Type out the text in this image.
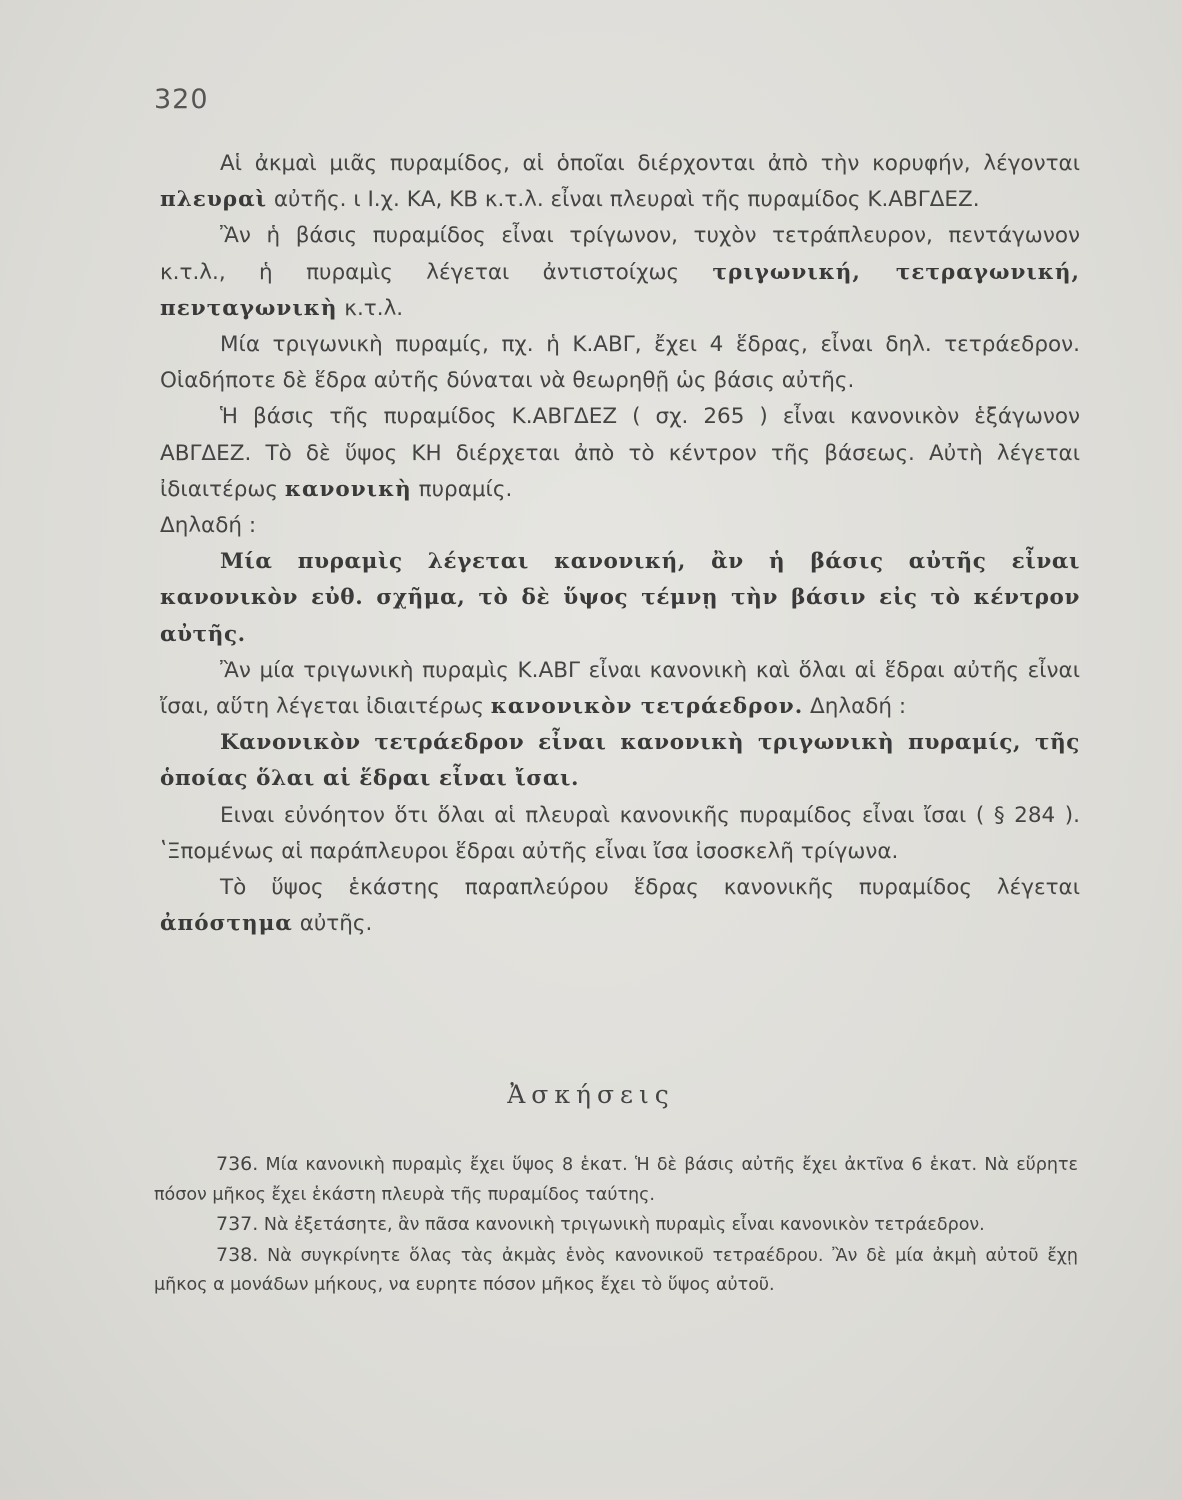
320

Αἱ ἀκμαὶ μιᾶς πυραμίδος, αἱ ὁποῖαι διέρχονται ἀπὸ τὴν κορυφήν, λέγονται πλευραὶ αὐτῆς. ι Ι.χ. ΚΑ, ΚΒ κ.τ.λ. εἶναι πλευραὶ τῆς πυραμίδος Κ.ΑΒΓΔΕΖ.

Ἂν ἡ βάσις πυραμίδος εἶναι τρίγωνον, τυχὸν τετράπλευρον, πεντάγωνον κ.τ.λ., ἡ πυραμὶς λέγεται ἀντιστοίχως τριγωνική, τετραγωνική, πενταγωνικὴ κ.τ.λ.

Μία τριγωνικὴ πυραμίς, πχ. ἡ Κ.ΑΒΓ, ἔχει 4 ἕδρας, εἶναι δηλ. τετράεδρον. Οἱαδήποτε δὲ ἕδρα αὐτῆς δύναται νὰ θεωρηθῇ ὡς βάσις αὐτῆς.

Ἡ βάσις τῆς πυραμίδος Κ.ΑΒΓΔΕΖ ( σχ. 265 ) εἶναι κανονικὸν ἑξάγωνον ΑΒΓΔΕΖ. Τὸ δὲ ὕψος ΚΗ διέρχεται ἀπὸ τὸ κέντρον τῆς βάσεως. Αὐτὴ λέγεται ἰδιαιτέρως κανονικὴ πυραμίς.

Δηλαδή :

Μία πυραμὶς λέγεται κανονική, ἂν ἡ βάσις αὐτῆς εἶναι κανονικὸν εὐθ. σχῆμα, τὸ δὲ ὕψος τέμνῃ τὴν βάσιν εἰς τὸ κέντρον αὐτῆς.

Ἂν μία τριγωνικὴ πυραμὶς Κ.ΑΒΓ εἶναι κανονικὴ καὶ ὅλαι αἱ ἕδραι αὐτῆς εἶναι ἴσαι, αὕτη λέγεται ἰδιαιτέρως κανονικὸν τετράεδρον. Δηλαδή :

Κανονικὸν τετράεδρον εἶναι κανονικὴ τριγωνικὴ πυραμίς, τῆς ὁποίας ὅλαι αἱ ἕδραι εἶναι ἴσαι.

Ειναι εὐνόητον ὅτι ὅλαι αἱ πλευραὶ κανονικῆς πυραμίδος εἶναι ἴσαι ( § 284 ). ʽΞπομένως αἱ παράπλευροι ἕδραι αὐτῆς εἶναι ἴσα ἰσοσκελῆ τρίγωνα.

Τὸ ὕψος ἑκάστης παραπλεύρου ἕδρας κανονικῆς πυραμίδος λέγεται ἀπόστημα αὐτῆς.

Ἀσκήσεις

736. Μία κανονικὴ πυραμὶς ἔχει ὕψος 8 ἑκατ. Ἡ δὲ βάσις αὐτῆς ἔχει ἀκτῖνα 6 ἑκατ. Νὰ εὕρητε πόσον μῆκος ἔχει ἑκάστη πλευρὰ τῆς πυραμίδος ταύτης.

737. Νὰ ἐξετάσητε, ἂν πᾶσα κανονικὴ τριγωνικὴ πυραμὶς εἶναι κανονικὸν τετράεδρον.

738. Νὰ συγκρίνητε ὅλας τὰς ἀκμὰς ἑνὸς κανονικοῦ τετραέδρου. Ἂν δὲ μία ἀκμὴ αὐτοῦ ἔχῃ μῆκος α μονάδων μήκους, να ευρητε πόσον μῆκος ἔχει τὸ ὕψος αὐτοῦ.
